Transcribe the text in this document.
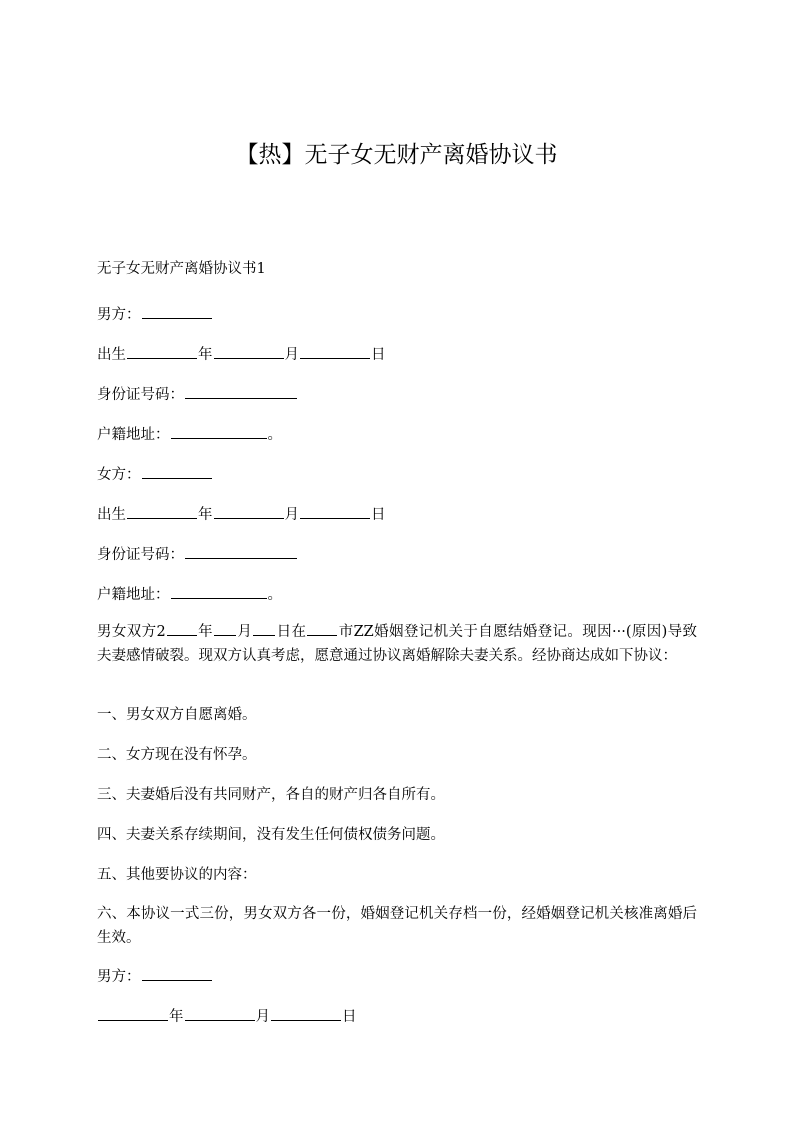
【热】无子女无财产离婚协议书
无子女无财产离婚协议书1
男方：
出生	年	月	日
身份证号码：
户籍地址：	。
女方：
出生	年	月	日
身份证号码：
户籍地址：	。
男女双方2 年 月 日在 市ZZ婚姻登记机关于自愿结婚登记。现因···(原因)导致夫妻感情破裂。现双方认真考虑，愿意通过协议离婚解除夫妻关系。经协商达成如下协议：
一、男女双方自愿离婚。
二、女方现在没有怀孕。
三、夫妻婚后没有共同财产，各自的财产归各自所有。
四、夫妻关系存续期间，没有发生任何债权债务问题。
五、其他要协议的内容：
六、本协议一式三份，男女双方各一份，婚姻登记机关存档一份，经婚姻登记机关核准离婚后生效。
男方：
年	月	日
